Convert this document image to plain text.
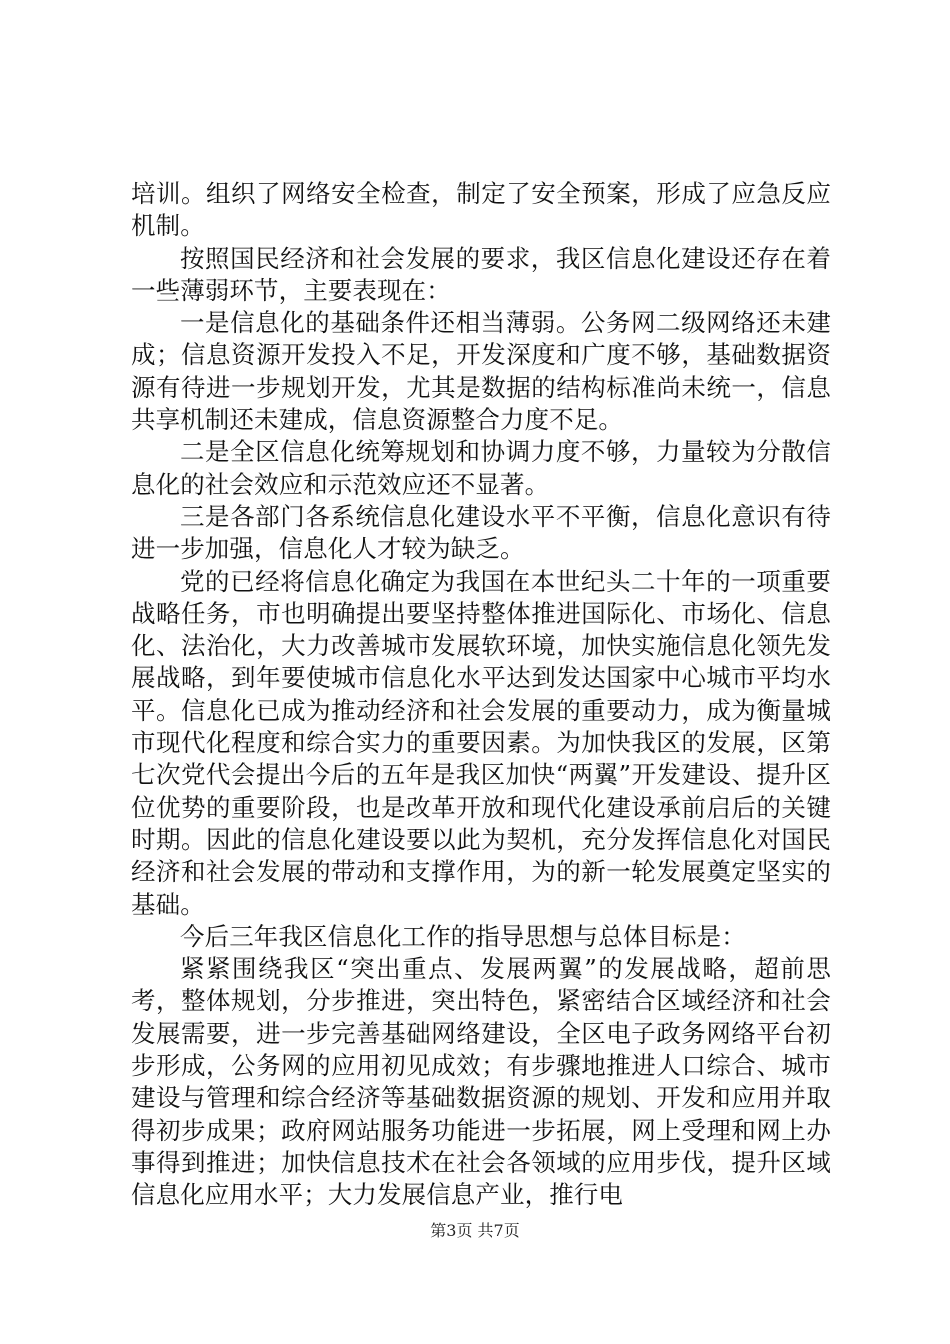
培训。组织了网络安全检查，制定了安全预案，形成了应急反应机制。

按照国民经济和社会发展的要求，我区信息化建设还存在着一些薄弱环节，主要表现在：

一是信息化的基础条件还相当薄弱。公务网二级网络还未建成；信息资源开发投入不足，开发深度和广度不够，基础数据资源有待进一步规划开发，尤其是数据的结构标准尚未统一，信息共享机制还未建成，信息资源整合力度不足。

二是全区信息化统筹规划和协调力度不够，力量较为分散信息化的社会效应和示范效应还不显著。

三是各部门各系统信息化建设水平不平衡，信息化意识有待进一步加强，信息化人才较为缺乏。

党的已经将信息化确定为我国在本世纪头二十年的一项重要战略任务，市也明确提出要坚持整体推进国际化、市场化、信息化、法治化，大力改善城市发展软环境，加快实施信息化领先发展战略，到年要使城市信息化水平达到发达国家中心城市平均水平。信息化已成为推动经济和社会发展的重要动力，成为衡量城市现代化程度和综合实力的重要因素。为加快我区的发展，区第七次党代会提出今后的五年是我区加快“两翼”开发建设、提升区位优势的重要阶段，也是改革开放和现代化建设承前启后的关键时期。因此的信息化建设要以此为契机，充分发挥信息化对国民经济和社会发展的带动和支撑作用，为的新一轮发展奠定坚实的基础。

今后三年我区信息化工作的指导思想与总体目标是：

紧紧围绕我区“突出重点、发展两翼”的发展战略，超前思考，整体规划，分步推进，突出特色，紧密结合区域经济和社会发展需要，进一步完善基础网络建设，全区电子政务网络平台初步形成，公务网的应用初见成效；有步骤地推进人口综合、城市建设与管理和综合经济等基础数据资源的规划、开发和应用并取得初步成果；政府网站服务功能进一步拓展，网上受理和网上办事得到推进；加快信息技术在社会各领域的应用步伐，提升区域信息化应用水平；大力发展信息产业，推行电

第3页 共7页
